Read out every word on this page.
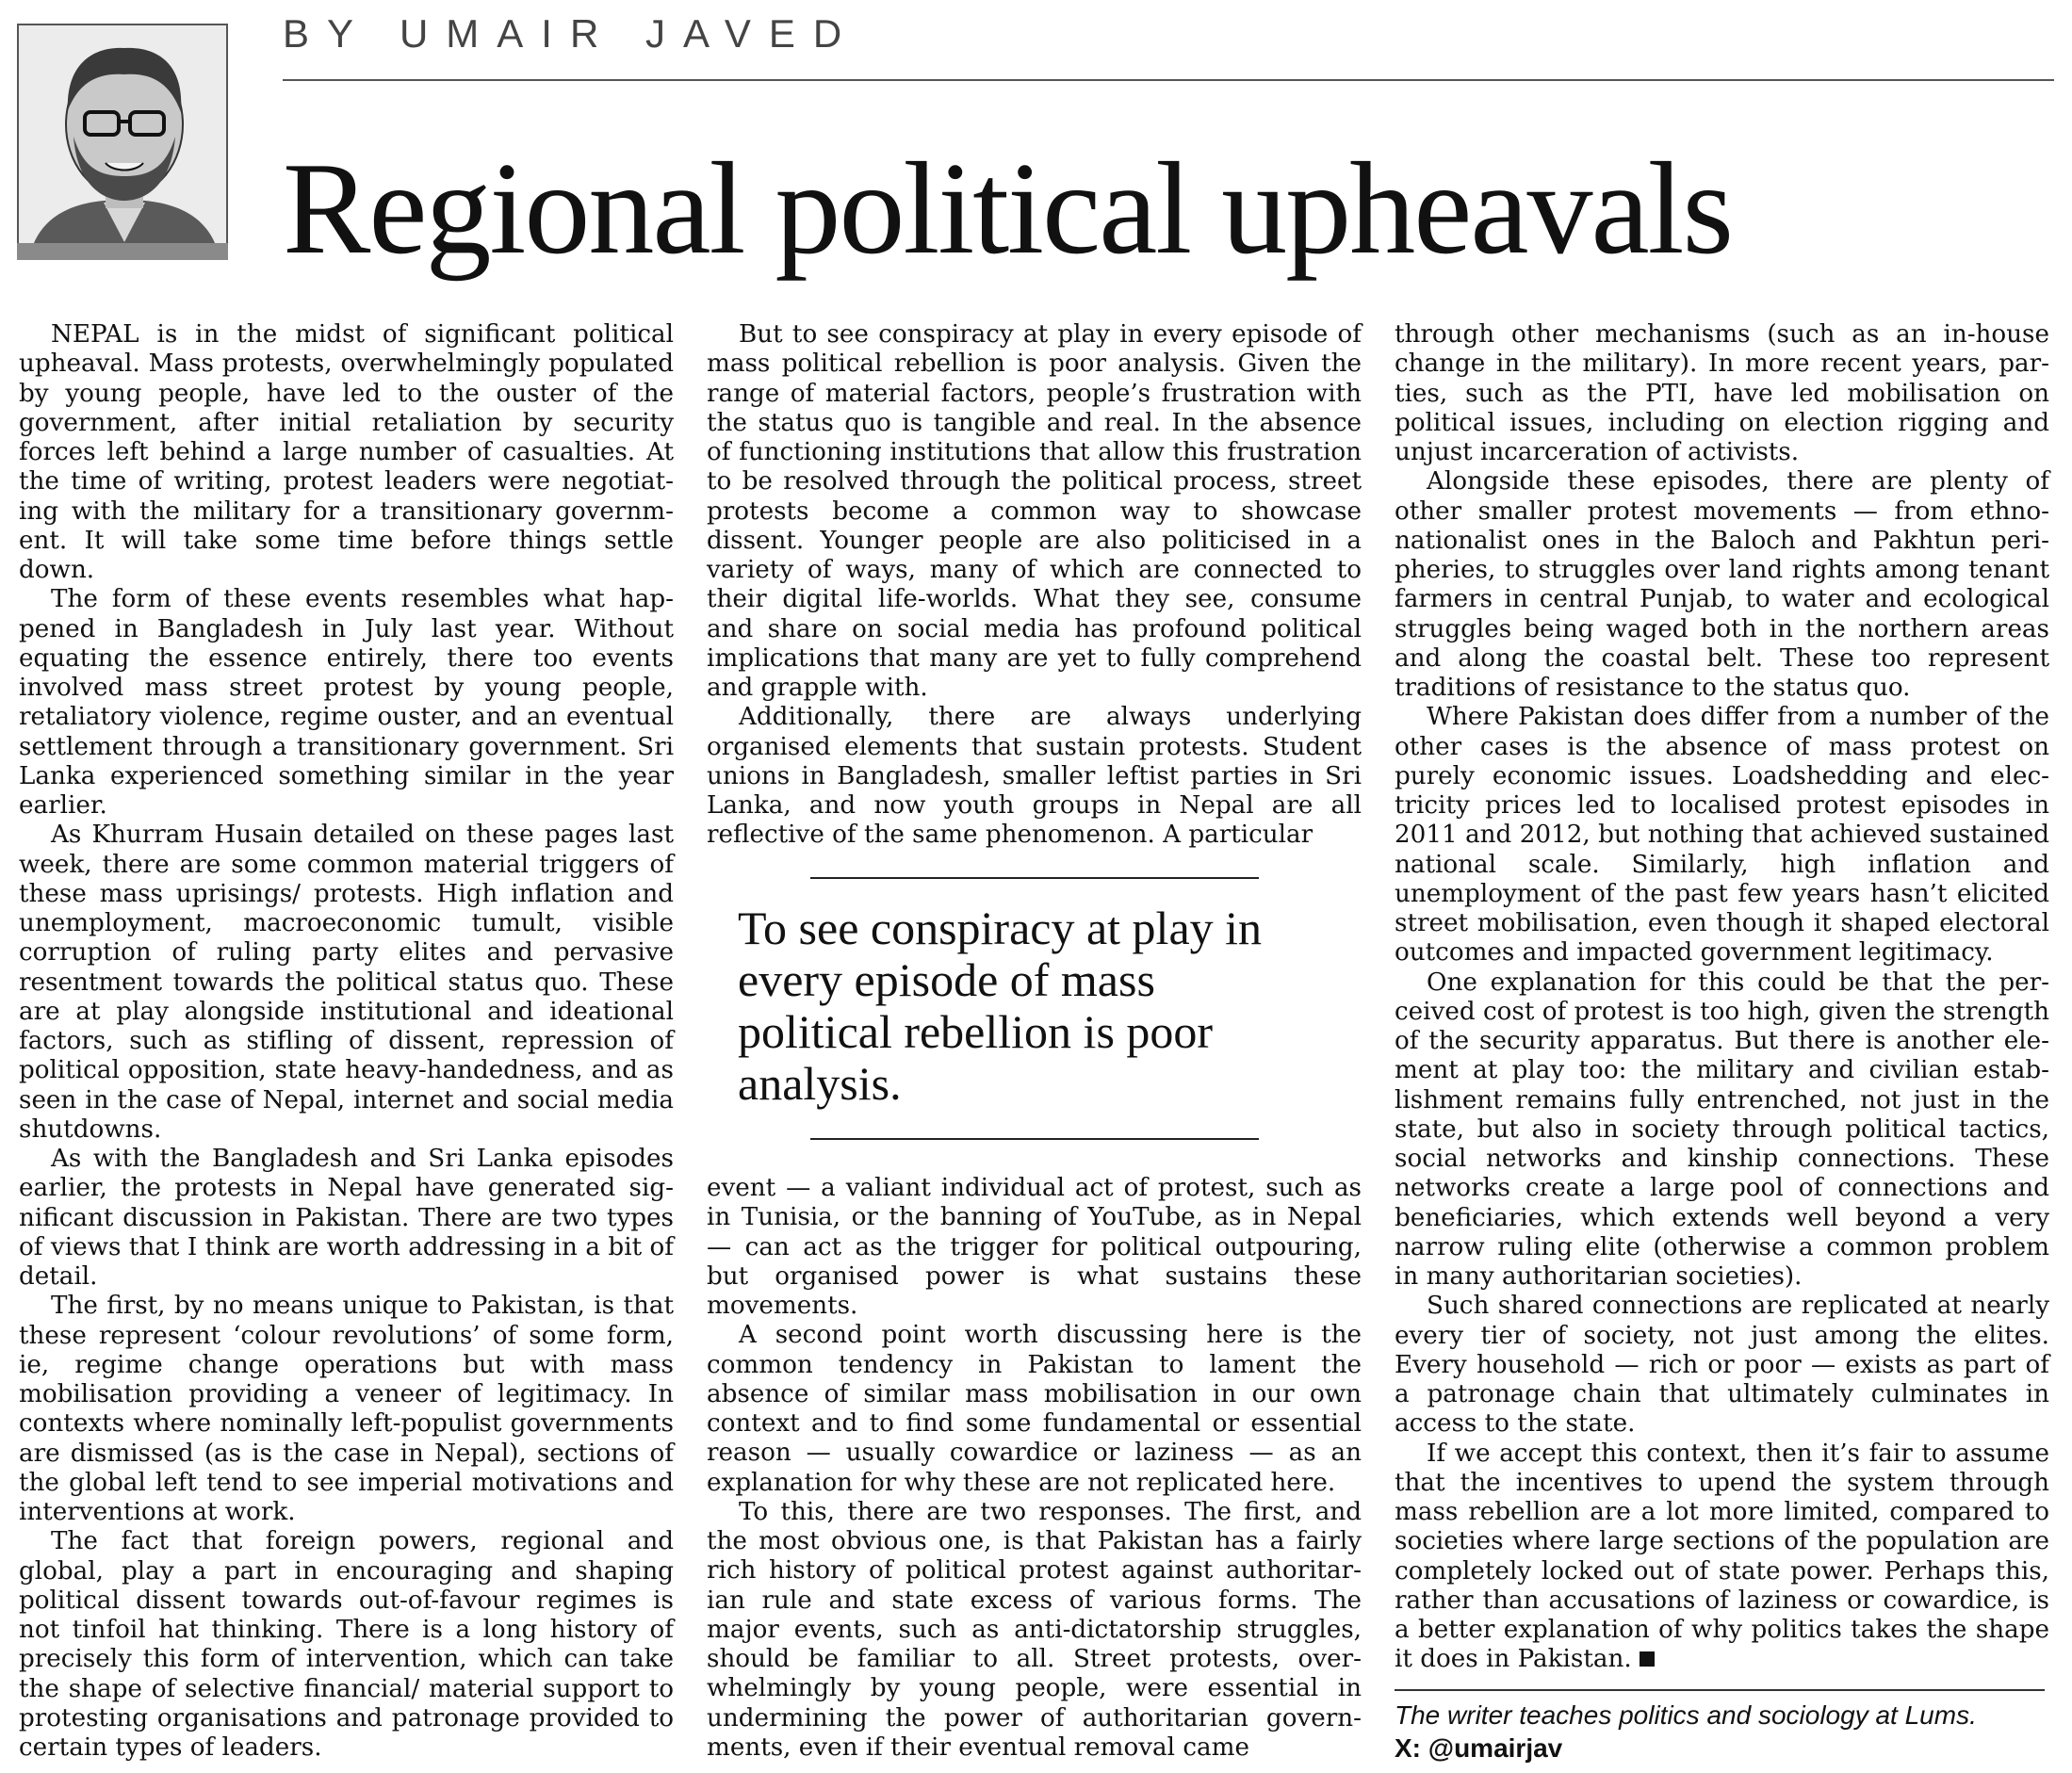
BY UMAIR JAVED
Regional political upheavals

NEPAL is in the midst of significant political upheaval. Mass protests, overwhelmingly populated by young people, have led to the ouster of the government, after initial retaliation by security forces left behind a large number of casualties. At the time of writing, protest leaders were negotiating with the military for a transitionary government. It will take some time before things settle down.

The form of these events resembles what happened in Bangladesh in July last year. Without equating the essence entirely, there too events involved mass street protest by young people, retaliatory violence, regime ouster, and an eventual settlement through a transitionary government. Sri Lanka experienced something similar in the year earlier.

As Khurram Husain detailed on these pages last week, there are some common material triggers of these mass uprisings/ protests. High inflation and unemployment, macroeconomic tumult, visible corruption of ruling party elites and pervasive resentment towards the political status quo. These are at play alongside institutional and ideational factors, such as stifling of dissent, repression of political opposition, state heavy-handedness, and as seen in the case of Nepal, internet and social media shutdowns.

As with the Bangladesh and Sri Lanka episodes earlier, the protests in Nepal have generated significant discussion in Pakistan. There are two types of views that I think are worth addressing in a bit of detail.

The first, by no means unique to Pakistan, is that these represent ‘colour revolutions’ of some form, ie, regime change operations but with mass mobilisation providing a veneer of legitimacy. In contexts where nominally left-populist governments are dismissed (as is the case in Nepal), sections of the global left tend to see imperial motivations and interventions at work.

The fact that foreign powers, regional and global, play a part in encouraging and shaping political dissent towards out-of-favour regimes is not tinfoil hat thinking. There is a long history of precisely this form of intervention, which can take the shape of selective financial/ material support to protesting organisations and patronage provided to certain types of leaders.

But to see conspiracy at play in every episode of mass political rebellion is poor analysis. Given the range of material factors, people’s frustration with the status quo is tangible and real. In the absence of functioning institutions that allow this frustration to be resolved through the political process, street protests become a common way to showcase dissent. Younger people are also politicised in a variety of ways, many of which are connected to their digital life-worlds. What they see, consume and share on social media has profound political implications that many are yet to fully comprehend and grapple with.

Additionally, there are always underlying organised elements that sustain protests. Student unions in Bangladesh, smaller leftist parties in Sri Lanka, and now youth groups in Nepal are all reflective of the same phenomenon. A particular

To see conspiracy at play in every episode of mass political rebellion is poor analysis.

event — a valiant individual act of protest, such as in Tunisia, or the banning of YouTube, as in Nepal — can act as the trigger for political outpouring, but organised power is what sustains these movements.

A second point worth discussing here is the common tendency in Pakistan to lament the absence of similar mass mobilisation in our own context and to find some fundamental or essential reason — usually cowardice or laziness — as an explanation for why these are not replicated here.

To this, there are two responses. The first, and the most obvious one, is that Pakistan has a fairly rich history of political protest against authoritarian rule and state excess of various forms. The major events, such as anti-dictatorship struggles, should be familiar to all. Street protests, overwhelmingly by young people, were essential in undermining the power of authoritarian governments, even if their eventual removal came

through other mechanisms (such as an in-house change in the military). In more recent years, parties, such as the PTI, have led mobilisation on political issues, including on election rigging and unjust incarceration of activists.

Alongside these episodes, there are plenty of other smaller protest movements — from ethno-nationalist ones in the Baloch and Pakhtun peripheries, to struggles over land rights among tenant farmers in central Punjab, to water and ecological struggles being waged both in the northern areas and along the coastal belt. These too represent traditions of resistance to the status quo.

Where Pakistan does differ from a number of the other cases is the absence of mass protest on purely economic issues. Loadshedding and electricity prices led to localised protest episodes in 2011 and 2012, but nothing that achieved sustained national scale. Similarly, high inflation and unemployment of the past few years hasn’t elicited street mobilisation, even though it shaped electoral outcomes and impacted government legitimacy.

One explanation for this could be that the perceived cost of protest is too high, given the strength of the security apparatus. But there is another element at play too: the military and civilian establishment remains fully entrenched, not just in the state, but also in society through political tactics, social networks and kinship connections. These networks create a large pool of connections and beneficiaries, which extends well beyond a very narrow ruling elite (otherwise a common problem in many authoritarian societies).

Such shared connections are replicated at nearly every tier of society, not just among the elites. Every household — rich or poor — exists as part of a patronage chain that ultimately culminates in access to the state.

If we accept this context, then it’s fair to assume that the incentives to upend the system through mass rebellion are a lot more limited, compared to societies where large sections of the population are completely locked out of state power. Perhaps this, rather than accusations of laziness or cowardice, is a better explanation of why politics takes the shape it does in Pakistan.

The writer teaches politics and sociology at Lums.
X: @umairjav
